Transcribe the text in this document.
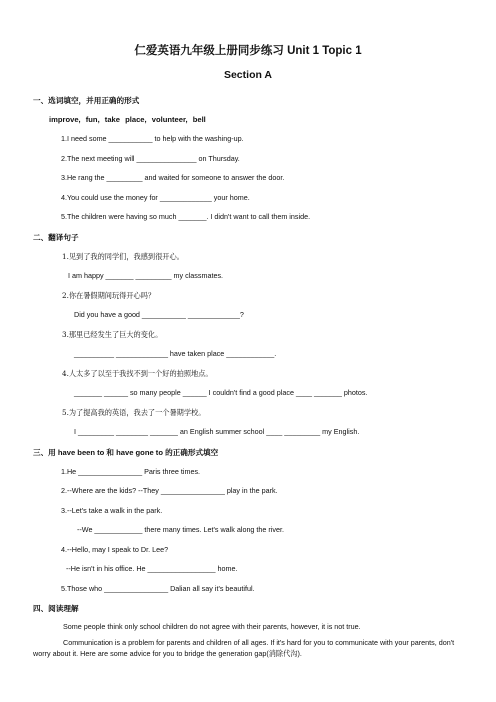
仁爱英语九年级上册同步练习 Unit 1 Topic 1
Section A
一、选词填空，并用正确的形式
improve, fun, take place, volunteer, bell
1.I need some ___________ to help with the washing-up.
2.The next meeting will _______________ on Thursday.
3.He rang the _________ and waited for someone to answer the door.
4.You could use the money for _____________ your home.
5.The children were having so much _______. I didn't want to call them inside.
二、翻译句子
1.见到了我的同学们，我感到很开心。
I am happy _______ _________ my classmates.
2.你在暑假期间玩得开心吗？
Did you have a good ___________ _____________?
3.那里已经发生了巨大的变化。
__________ _____________ have taken place ____________.
4.人太多了以至于我找不到一个好的拍照地点。
_______ ______ so many people ______ I couldn't find a good place ____ _______ photos.
5.为了提高我的英语，我去了一个暑期学校。
I _________ ________ _______ an English summer school ____ _________ my English.
三、用 have been to 和 have gone to 的正确形式填空
1.He ________________ Paris three times.
2.--Where are the kids? --They ________________ play in the park.
3.--Let's take a walk in the park.
--We ____________ there many times. Let's walk along the river.
4.--Hello, may I speak to Dr. Lee?
--He isn't in his office. He _________________ home.
5.Those who ________________ Dalian all say it's beautiful.
四、阅读理解
Some people think only school children do not agree with their parents, however, it is not true.
Communication is a problem for parents and children of all ages. If it's hard for you to communicate with your parents, don't worry about it. Here are some advice for you to bridge the generation gap(消除代沟).
